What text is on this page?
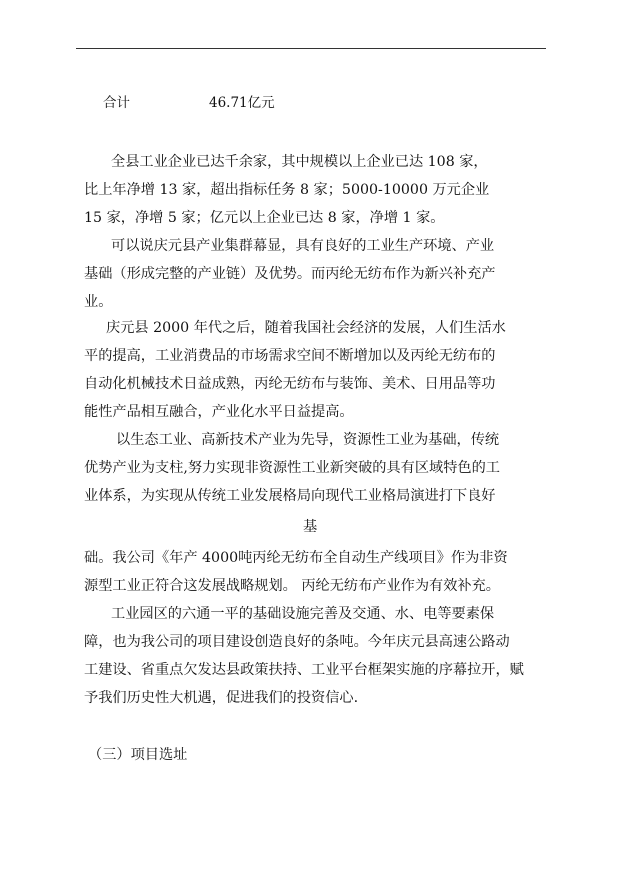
合计	46.71亿元
全县工业企业已达千余家，其中规模以上企业已达 108 家，
比上年净增 13 家，超出指标任务 8 家；5000-10000 万元企业
15 家，净增 5 家；亿元以上企业已达 8 家，净增 1 家。
可以说庆元县产业集群幕显，具有良好的工业生产环境、产业
基础（形成完整的产业链）及优势。而丙纶无纺布作为新兴补充产
业。
庆元县 2000 年代之后，随着我国社会经济的发展，人们生活水
平的提高，工业消费品的市场需求空间不断增加以及丙纶无纺布的
自动化机械技术日益成熟，丙纶无纺布与装饰、美术、日用品等功
能性产品相互融合，产业化水平日益提高。
以生态工业、高新技术产业为先导，资源性工业为基础，传统
优势产业为支柱,努力实现非资源性工业新突破的具有区域特色的工
业体系，为实现从传统工业发展格局向现代工业格局演进打下良好
基
础。我公司《年产 4000吨丙纶无纺布全自动生产线项目》作为非资
源型工业正符合这发展战略规划。 丙纶无纺布产业作为有效补充。
工业园区的六通一平的基础设施完善及交通、水、电等要素保
障，也为我公司的项目建设创造良好的条吨。今年庆元县高速公路动
工建设、省重点欠发达县政策扶持、工业平台框架实施的序幕拉开，赋
予我们历史性大机遇，促进我们的投资信心.
（三）项目选址
